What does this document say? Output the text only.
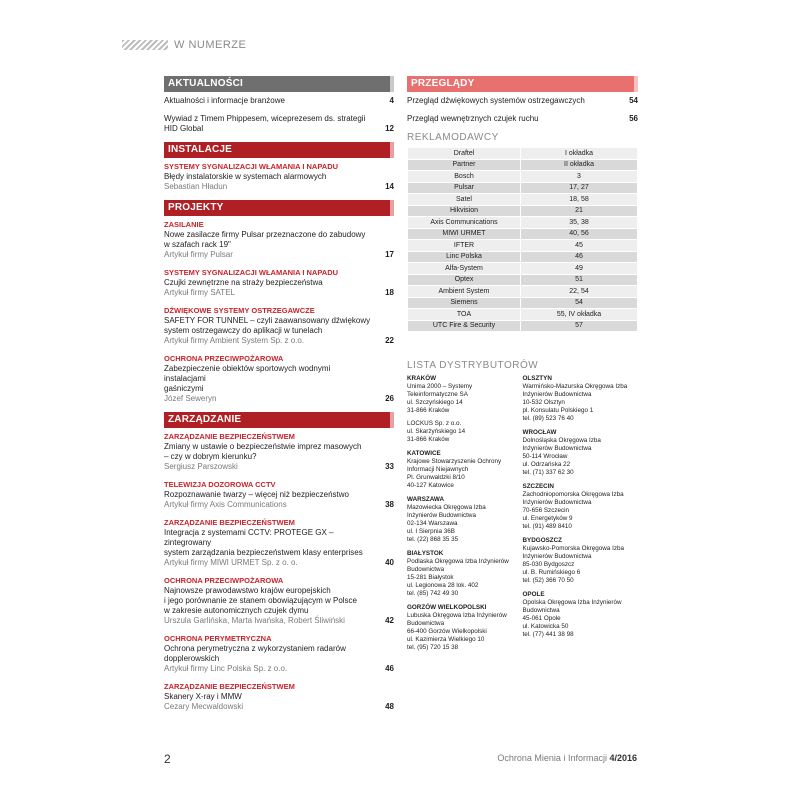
W NUMERZE
AKTUALNOŚCI
Aktualności i informacje branżowe	4
Wywiad z Timem Phippesem, wiceprezesem ds. strategii
HID Global	12
INSTALACJE
SYSTEMY SYGNALIZACJI WŁAMANIA I NAPADU
Błędy instalatorskie w systemach alarmowych
Sebastian Hładun	14
PROJEKTY
ZASILANIE
Nowe zasilacze firmy Pulsar przeznaczone do zabudowy
w szafach rack 19"
Artykuł firmy Pulsar	17
SYSTEMY SYGNALIZACJI WŁAMANIA I NAPADU
Czujki zewnętrzne na straży bezpieczeństwa
Artykuł firmy SATEL	18
DŹWIĘKOWE SYSTEMY OSTRZEGAWCZE
SAFETY FOR TUNNEL – czyli zaawansowany dźwiękowy
system ostrzegawczy do aplikacji w tunelach
Artykuł firmy Ambient System Sp. z o.o.	22
OCHRONA PRZECIWPOŻAROWA
Zabezpieczenie obiektów sportowych wodnymi instalacjami
gaśniczymi
Józef Seweryn	26
ZARZĄDZANIE
ZARZĄDZANIE BEZPIECZEŃSTWEM
Zmiany w ustawie o bezpieczeństwie imprez masowych
– czy w dobrym kierunku?
Sergiusz Parszowski	33
TELEWIZJA DOZOROWA CCTV
Rozpoznawanie twarzy – więcej niż bezpieczeństwo
Artykuł firmy Axis Communications	38
ZARZĄDZANIE BEZPIECZEŃSTWEM
Integracja z systemami CCTV: PROTEGE GX – zintegrowany
system zarządzania bezpieczeństwem klasy enterprises
Artykuł firmy MIWI URMET Sp. z o. o.	40
OCHRONA PRZECIWPOŻAROWA
Najnowsze prawodawstwo krajów europejskich
i jego porównanie ze stanem obowiązującym w Polsce
w zakresie autonomicznych czujek dymu
Urszula Garlińska, Marta Iwańska, Robert Śliwiński	42
OCHRONA PERYMETRYCZNA
Ochrona perymetryczna z wykorzystaniem radarów
dopplerowskich
Artykuł firmy Linc Polska Sp. z o.o.	46
ZARZĄDZANIE BEZPIECZEŃSTWEM
Skanery X-ray i MMW
Cezary Mecwaldowski	48
PRZEGLĄDY
Przegląd dźwiękowych systemów ostrzegawczych	54
Przegląd wewnętrznych czujek ruchu	56
REKLAMODAWCY
Draftel	I okładka
Partner	II okładka
Bosch	3
Pulsar	17, 27
Satel	18, 58
Hikvision	21
Axis Communications	35, 38
MIWI URMET	40, 56
IFTER	45
Linc Polska	46
Alfa-System	49
Optex	51
Ambient System	22, 54
Siemens	54
TOA	55, IV okładka
UTC Fire & Security	57
LISTA DYSTRYBUTORÓW
KRAKÓW
Unima 2000 – Systemy
Teleinformatyczne SA
ul. Szczyńskiego 14
31-866 Kraków
LOCKUS Sp. z o.o.
ul. Skarżyńskiego 14
31-866 Kraków
KATOWICE
Krajowe Stowarzyszenie Ochrony
Informacji Niejawnych
Pl. Grunwaldzki 8/10
40-127 Katowice
WARSZAWA
Mazowiecka Okręgowa Izba
Inżynierów Budownictwa
02-134 Warszawa
ul. I Sierpnia 36B
tel. (22) 868 35 35
BIAŁYSTOK
Podlaska Okręgowa Izba Inżynierów
Budownictwa
15-281 Białystok
ul. Legionowa 28 lok. 402
tel. (85) 742 49 30
GORZÓW WIELKOPOLSKI
Lubuska Okręgowa Izba Inżynierów
Budownictwa
66-400 Gorzów Wielkopolski
ul. Kazimierza Wielkiego 10
tel. (95) 720 15 38
OLSZTYN
Warmińsko-Mazurska Okręgowa Izba
Inżynierów Budownictwa
10-532 Olsztyn
pl. Konsulatu Polskiego 1
tel. (89) 523 76 40
WROCŁAW
Dolnośląska Okręgowa Izba
Inżynierów Budownictwa
50-114 Wrocław
ul. Odrzańska 22
tel. (71) 337 62 30
SZCZECIN
Zachodniopomorska Okręgowa Izba
Inżynierów Budownictwa
70-656 Szczecin
ul. Energetyków 9
tel. (91) 489 8410
BYDGOSZCZ
Kujawsko-Pomorska Okręgowa Izba
Inżynierów Budownictwa
85-030 Bydgoszcz
ul. B. Rumińskiego 6
tel. (52) 366 70 50
OPOLE
Opolska Okręgowa Izba Inżynierów
Budownictwa
45-061 Opole
ul. Katowicka 50
tel. (77) 441 38 98
2	Ochrona Mienia i Informacji 4/2016
